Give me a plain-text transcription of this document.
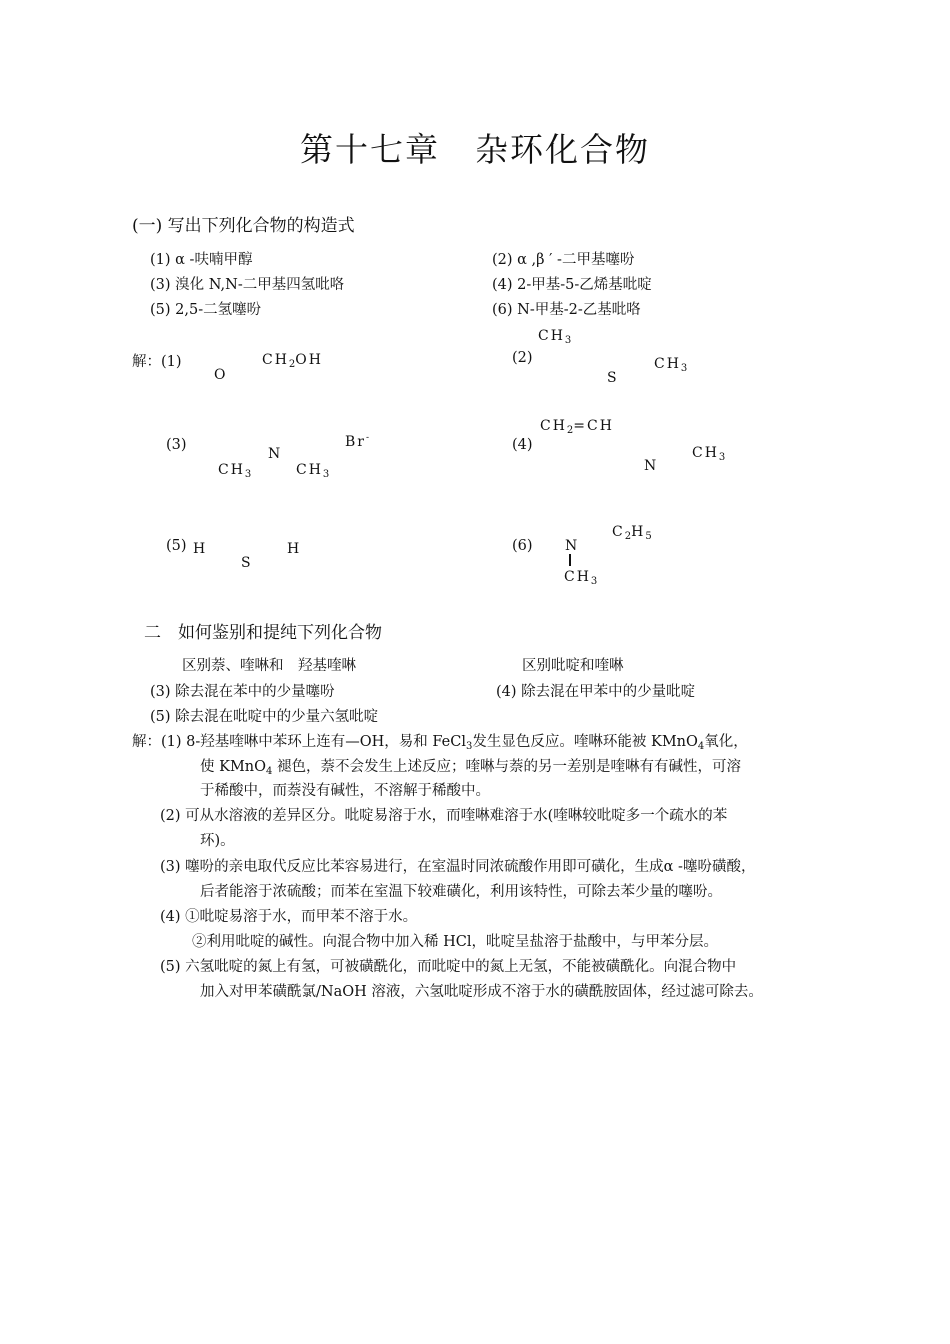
第十七章　杂环化合物
(一) 写出下列化合物的构造式
(1) α -呋喃甲醇	(2) α ,β ′ -二甲基噻吩
(3) 溴化 N,N-二甲基四氢吡咯	(4) 2-甲基-5-乙烯基吡啶
(5) 2,5-二氢噻吩	(6) N-甲基-2-乙基吡咯
解：(1)
O
$CH_2OH$	(2)
$CH_3$
S
$CH_3$
(3)	Br-
N
$CH_3$	$CH_3$
(4)
$CH_2=CH$
N
$CH_3$
(5) H
S
H	(6)
$C_2H_5$
N
$CH_3$
二　如何鉴别和提纯下列化合物
区别萘、喹啉和　羟基喹啉	区别吡啶和喹啉
(3) 除去混在苯中的少量噻吩	(4) 除去混在甲苯中的少量吡啶
(5) 除去混在吡啶中的少量六氢吡啶
解：(1) 8-羟基喹啉中苯环上连有—OH，易和 FeCl$_3$发生显色反应。喹啉环能被 KMnO$_4$氧化，
使 KMnO$_4$ 褪色，萘不会发生上述反应；喹啉与萘的另一差别是喹啉有有碱性，可溶
于稀酸中，而萘没有碱性，不溶解于稀酸中。
(2) 可从水溶液的差异区分。吡啶易溶于水，而喹啉难溶于水(喹啉较吡啶多一个疏水的苯
环)。
(3) 噻吩的亲电取代反应比苯容易进行，在室温时同浓硫酸作用即可磺化，生成α -噻吩磺酸，
后者能溶于浓硫酸；而苯在室温下较难磺化，利用该特性，可除去苯少量的噻吩。
(4) ①吡啶易溶于水，而甲苯不溶于水。
②利用吡啶的碱性。向混合物中加入稀 HCl，吡啶呈盐溶于盐酸中，与甲苯分层。
(5) 六氢吡啶的氮上有氢，可被磺酰化，而吡啶中的氮上无氢，不能被磺酰化。向混合物中
加入对甲苯磺酰氯/NaOH 溶液，六氢吡啶形成不溶于水的磺酰胺固体，经过滤可除去。
